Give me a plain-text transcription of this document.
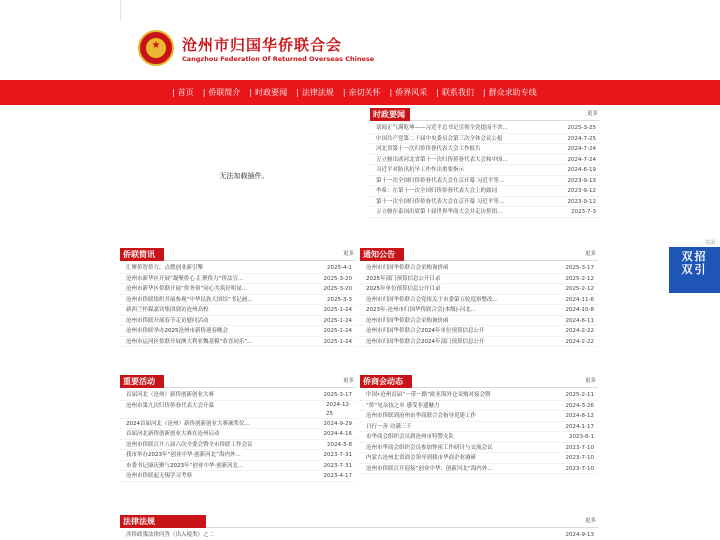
★ 沧州市归国华侨联合会
Cangzhou Federation Of Returned Overseas Chinese
| 首页	| 侨联简介	| 时政要闻	| 法律法规	| 亲切关怀	| 侨界风采	| 联系我们	| 群众求助专线
无法加载插件。
时政要闻	更多
· 请阅正气满乾坤——习近平总书记引领全党提而不舍...	2025-3-25
· 中国共产党第二十届中央委员会第三次全体会议公报	2024-7-25
· 河北省第十一次归侨侨眷代表大会工作报告	2024-7-24
· 万立骏出席河北省第十一次归侨侨眷代表大会和中国...	2024-7-24
· 习近平对防汛抗旱工作作出重要指示	2024-6-19
· 第十一次全国归侨侨眷代表大会在京开幕 习近平等...	2023-9-13
· 李希：在第十一次全国归侨侨眷代表大会上的致词	2023-9-12
· 第十一次全国归侨侨眷代表大会在京开幕 习近平等...	2023-9-12
· 万立骏在泰国出席第十届世界华商大会并走访侨团...	2023-7-3
侨联简讯	更多
· 汇聚侨智侨力，点燃创业新引擎	2025-4-1
· 沧州市新华区开展“凝聚侨心 汇聚侨力”侨法宣...	2025-3-20
· 沧州市新华区侨联开展“侨务领”同心共筑好明显...	2025-3-20
· 沧州市侨联组织开展参观“中华民族大团结”书记画...	2025-3-3
· 新西兰怀媒嘉宾集团到访沧州高校	2025-1-24
· 沧州市侨联开展春节走访慰问活动	2025-1-24
· 沧州市侨联举办2025沧州市新侨迎春晚会	2025-1-24
· 沧州市运河区侨联开展澳大利亚魏基模“恭喜同乐”...	2025-1-24
通知公告	更多
· 沧州市归国华侨联合会采购询价函	2025-3-17
· 2025年部门预算信息公开目录	2025-2-12
· 2025年单位预算信息公开目录	2025-2-12
· 沧州市归国华侨联合会党组关于市委第五轮巡察整改...	2024-11-6
· 2023年-沧州市归国华侨联合会(本级)-河北...	2024-10-8
· 沧州市归国华侨联合会采购询价函	2024-6-11
· 沧州市归国华侨联合会2024年单位预算信息公开	2024-2-22
· 沧州市归国华侨联合会2024年部门预算信息公开	2024-2-22
重要活动	更多
· 首届河北（沧州）新侨创新创业大赛	2025-3-17
· 沧州市第九次归侨侨眷代表大会开幕	2024-12-25
· 2024首届河北（沧州）新侨创新创业大赛颁奖仪...	2024-9-29
· 首届河北新侨创新创业大赛在沧州启动	2024-4-16
· 沧州市侨联召开八届六次全委会暨全市侨联工作会议	2024-3-8
· 我市举办2023年“创业中华·创新河北”海内外...	2023-7-31
· 市委书记康庆聚与2023年“创业中华·创新河北...	2023-7-31
· 沧州市侨联起无锡学习考察	2023-4-17
侨商会动态	更多
· 中国•沧州首届“一带一路”欧亚海外仓采购对接会暨	2025-2-11
· “侨”见杂技之乡 感受非遗魅力	2024-3-26
· 沧州市侨联到沧州市华商联合会指导党建工作	2024-8-12
· 日行一善 功满三千	2024-1-17
· 市华商会组织会员到沧州市特警支队	2023-8-1
· 沧州市华商会组织会员参加钟祖工作研讨与交流会议	2023-7-10
· 内蒙古沧州北省商会领导到我市华商企业调研	2023-7-10
· 沧州市侨联召开迎接“创业中华、创新河北”海内外...	2023-7-10
法律法规	更多
· 涉侨政策法律问答（出入境类）之二	2024-9-13
关闭
双招
双引
